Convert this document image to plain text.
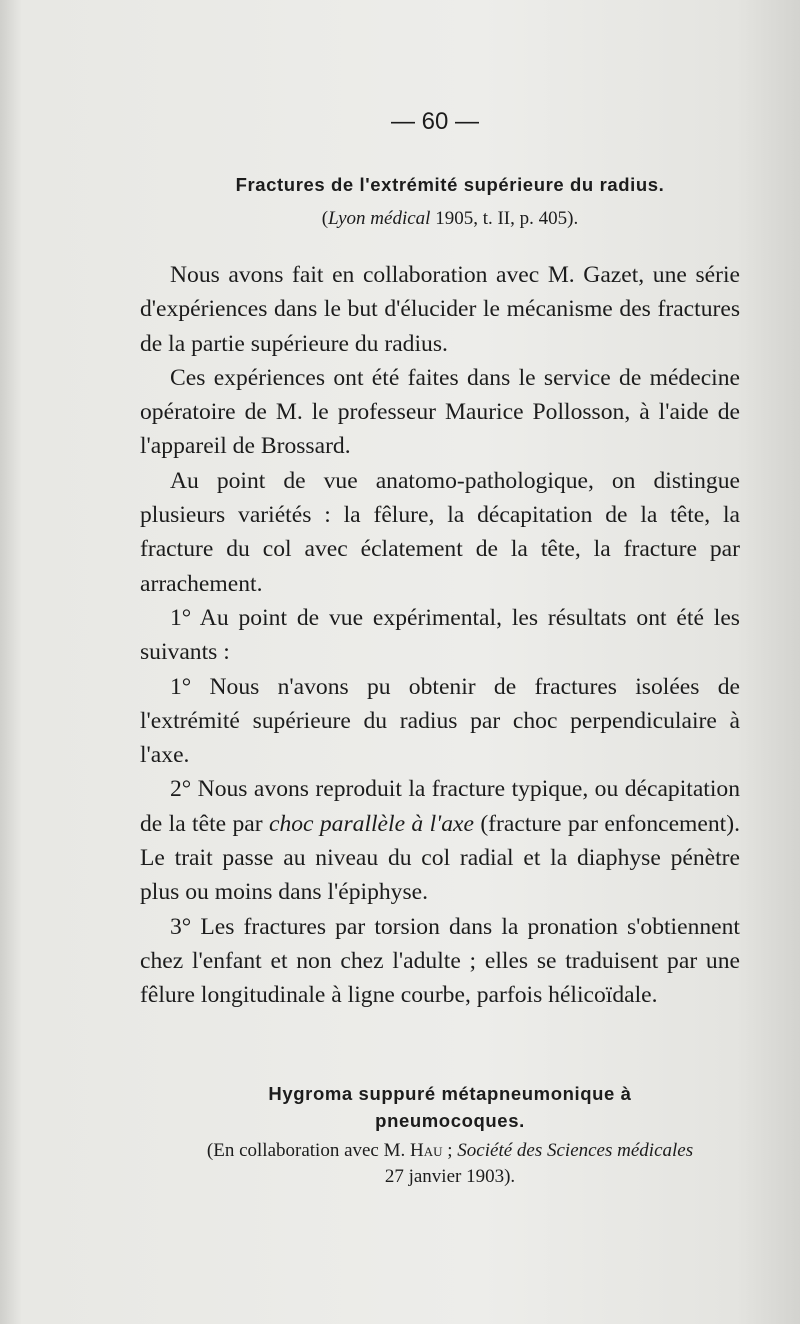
— 60 —
Fractures de l'extrémité supérieure du radius.
(Lyon médical 1905, t. II, p. 405).

Nous avons fait en collaboration avec M. Gazet, une série d'expériences dans le but d'élucider le mécanisme des fractures de la partie supérieure du radius.

Ces expériences ont été faites dans le service de médecine opératoire de M. le professeur Maurice Pollosson, à l'aide de l'appareil de Brossard.

Au point de vue anatomo-pathologique, on distingue plusieurs variétés : la fêlure, la décapitation de la tête, la fracture du col avec éclatement de la tête, la fracture par arrachement.

1° Au point de vue expérimental, les résultats ont été les suivants :

1° Nous n'avons pu obtenir de fractures isolées de l'extrémité supérieure du radius par choc perpendiculaire à l'axe.

2° Nous avons reproduit la fracture typique, ou décapitation de la tête par choc parallèle à l'axe (fracture par enfoncement). Le trait passe au niveau du col radial et la diaphyse pénètre plus ou moins dans l'épiphyse.

3° Les fractures par torsion dans la pronation s'obtiennent chez l'enfant et non chez l'adulte ; elles se traduisent par une fêlure longitudinale à ligne courbe, parfois hélicoïdale.

Hygroma suppuré métapneumonique à
pneumocoques.
(En collaboration avec M. Hau ; Société des Sciences médicales
27 janvier 1903).
